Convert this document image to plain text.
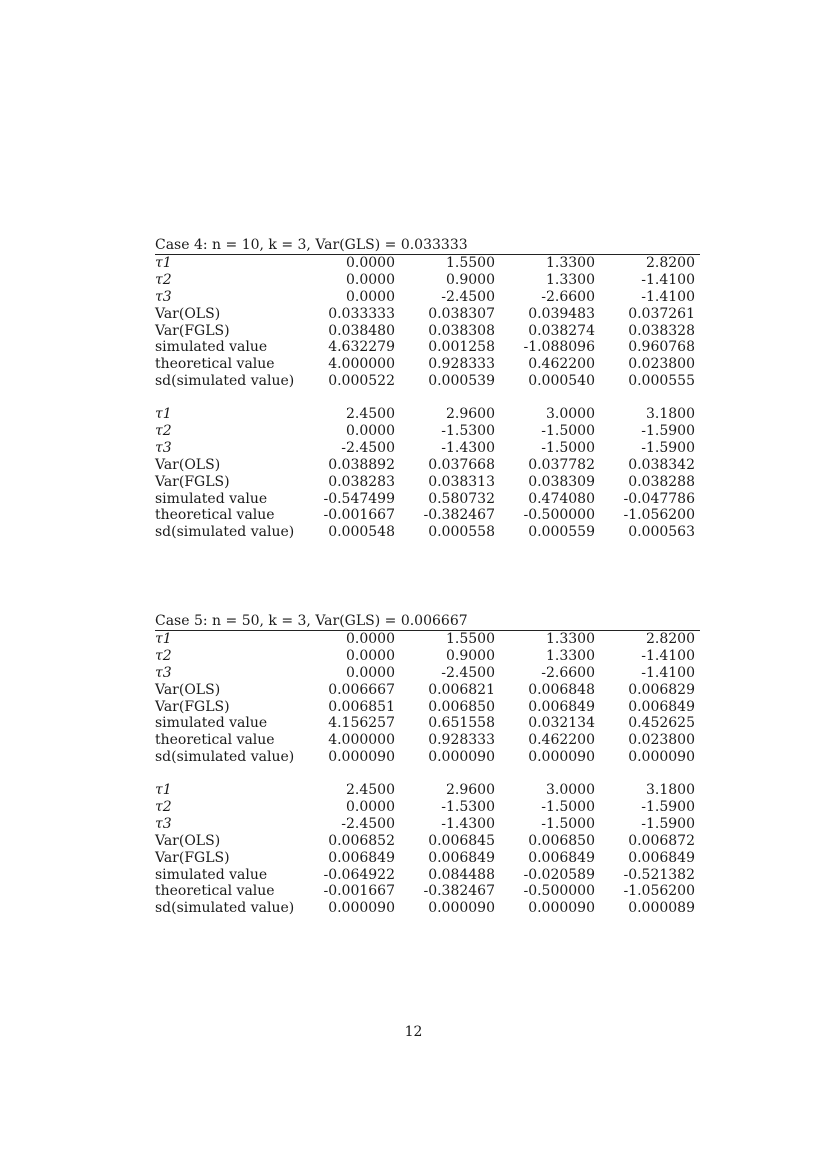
Case 4: n = 10, k = 3, Var(GLS) = 0.033333
τ1	0.0000	1.5500	1.3300	2.8200
τ2	0.0000	0.9000	1.3300	-1.4100
τ3	0.0000	-2.4500	-2.6600	-1.4100
Var(OLS)	0.033333	0.038307	0.039483	0.037261
Var(FGLS)	0.038480	0.038308	0.038274	0.038328
simulated value	4.632279	0.001258	-1.088096	0.960768
theoretical value	4.000000	0.928333	0.462200	0.023800
sd(simulated value)	0.000522	0.000539	0.000540	0.000555
τ1	2.4500	2.9600	3.0000	3.1800
τ2	0.0000	-1.5300	-1.5000	-1.5900
τ3	-2.4500	-1.4300	-1.5000	-1.5900
Var(OLS)	0.038892	0.037668	0.037782	0.038342
Var(FGLS)	0.038283	0.038313	0.038309	0.038288
simulated value	-0.547499	0.580732	0.474080	-0.047786
theoretical value	-0.001667	-0.382467	-0.500000	-1.056200
sd(simulated value)	0.000548	0.000558	0.000559	0.000563
Case 5: n = 50, k = 3, Var(GLS) = 0.006667
τ1	0.0000	1.5500	1.3300	2.8200
τ2	0.0000	0.9000	1.3300	-1.4100
τ3	0.0000	-2.4500	-2.6600	-1.4100
Var(OLS)	0.006667	0.006821	0.006848	0.006829
Var(FGLS)	0.006851	0.006850	0.006849	0.006849
simulated value	4.156257	0.651558	0.032134	0.452625
theoretical value	4.000000	0.928333	0.462200	0.023800
sd(simulated value)	0.000090	0.000090	0.000090	0.000090
τ1	2.4500	2.9600	3.0000	3.1800
τ2	0.0000	-1.5300	-1.5000	-1.5900
τ3	-2.4500	-1.4300	-1.5000	-1.5900
Var(OLS)	0.006852	0.006845	0.006850	0.006872
Var(FGLS)	0.006849	0.006849	0.006849	0.006849
simulated value	-0.064922	0.084488	-0.020589	-0.521382
theoretical value	-0.001667	-0.382467	-0.500000	-1.056200
sd(simulated value)	0.000090	0.000090	0.000090	0.000089
12
